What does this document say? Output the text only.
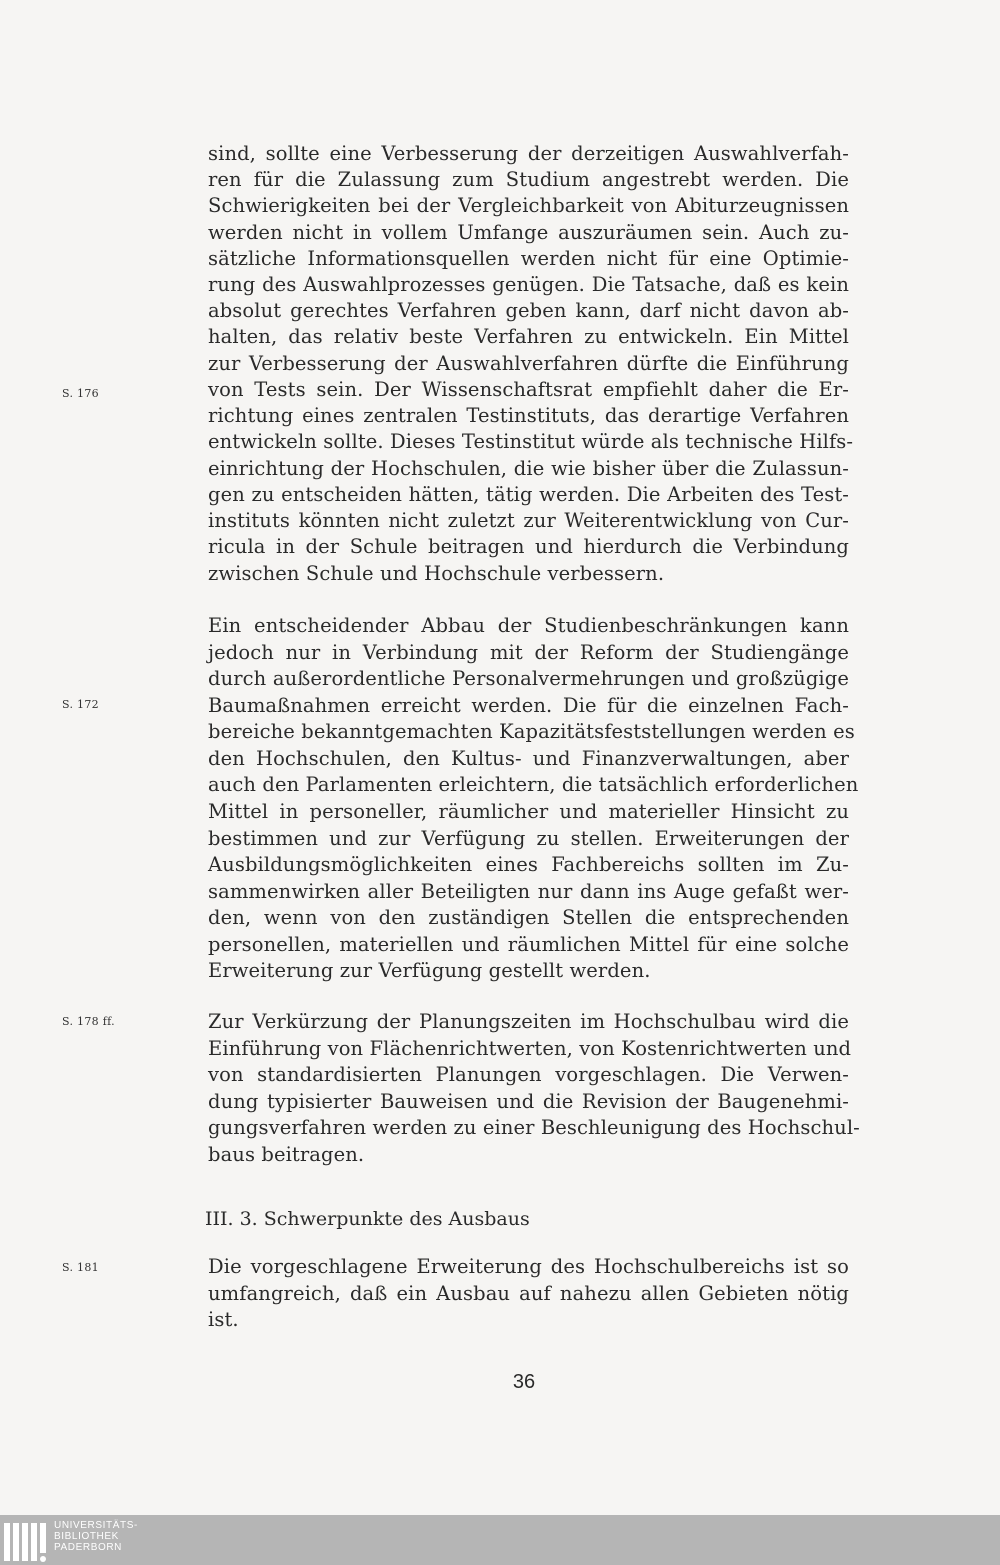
sind, sollte eine Verbesserung der derzeitigen Auswahlverfah-
ren für die Zulassung zum Studium angestrebt werden. Die
Schwierigkeiten bei der Vergleichbarkeit von Abiturzeugnissen
werden nicht in vollem Umfange auszuräumen sein. Auch zu-
sätzliche Informationsquellen werden nicht für eine Optimie-
rung des Auswahlprozesses genügen. Die Tatsache, daß es kein
absolut gerechtes Verfahren geben kann, darf nicht davon ab-
halten, das relativ beste Verfahren zu entwickeln. Ein Mittel
zur Verbesserung der Auswahlverfahren dürfte die Einführung
von Tests sein. Der Wissenschaftsrat empfiehlt daher die Er-
richtung eines zentralen Testinstituts, das derartige Verfahren
entwickeln sollte. Dieses Testinstitut würde als technische Hilfs-
einrichtung der Hochschulen, die wie bisher über die Zulassun-
gen zu entscheiden hätten, tätig werden. Die Arbeiten des Test-
instituts könnten nicht zuletzt zur Weiterentwicklung von Cur-
ricula in der Schule beitragen und hierdurch die Verbindung
zwischen Schule und Hochschule verbessern.
Ein entscheidender Abbau der Studienbeschränkungen kann
jedoch nur in Verbindung mit der Reform der Studiengänge
durch außerordentliche Personalvermehrungen und großzügige
Baumaßnahmen erreicht werden. Die für die einzelnen Fach-
bereiche bekanntgemachten Kapazitätsfeststellungen werden es
den Hochschulen, den Kultus- und Finanzverwaltungen, aber
auch den Parlamenten erleichtern, die tatsächlich erforderlichen
Mittel in personeller, räumlicher und materieller Hinsicht zu
bestimmen und zur Verfügung zu stellen. Erweiterungen der
Ausbildungsmöglichkeiten eines Fachbereichs sollten im Zu-
sammenwirken aller Beteiligten nur dann ins Auge gefaßt wer-
den, wenn von den zuständigen Stellen die entsprechenden
personellen, materiellen und räumlichen Mittel für eine solche
Erweiterung zur Verfügung gestellt werden.
Zur Verkürzung der Planungszeiten im Hochschulbau wird die
Einführung von Flächenrichtwerten, von Kostenrichtwerten und
von standardisierten Planungen vorgeschlagen. Die Verwen-
dung typisierter Bauweisen und die Revision der Baugenehmi-
gungsverfahren werden zu einer Beschleunigung des Hochschul-
baus beitragen.
III. 3. Schwerpunkte des Ausbaus
Die vorgeschlagene Erweiterung des Hochschulbereichs ist so
umfangreich, daß ein Ausbau auf nahezu allen Gebieten nötig
ist.
S. 176
S. 172
S. 178 ff.
S. 181
36
UNIVERSITÄTS-
BIBLIOTHEK
PADERBORN
